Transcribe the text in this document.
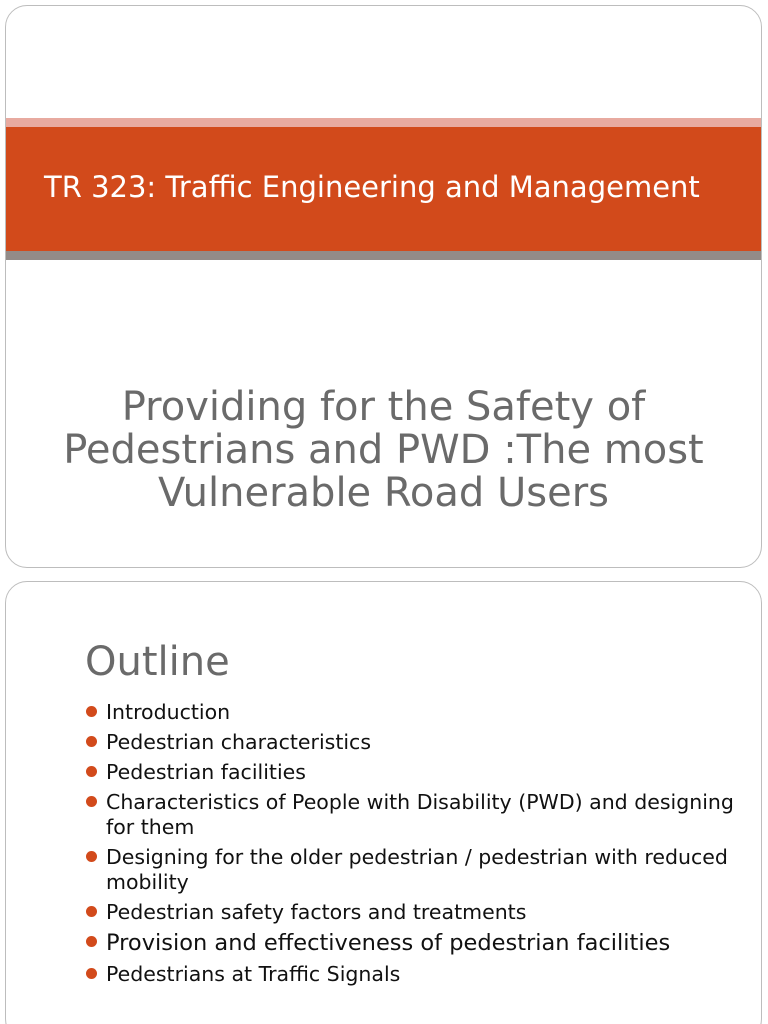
TR 323: Traffic Engineering and Management
Providing for the Safety of Pedestrians and PWD :The most Vulnerable Road Users
Outline
Introduction
Pedestrian characteristics
Pedestrian facilities
Characteristics of People with Disability (PWD) and designing for them
Designing for the older pedestrian / pedestrian with reduced mobility
Pedestrian safety factors and treatments
Provision and effectiveness of pedestrian facilities
Pedestrians at Traffic Signals
